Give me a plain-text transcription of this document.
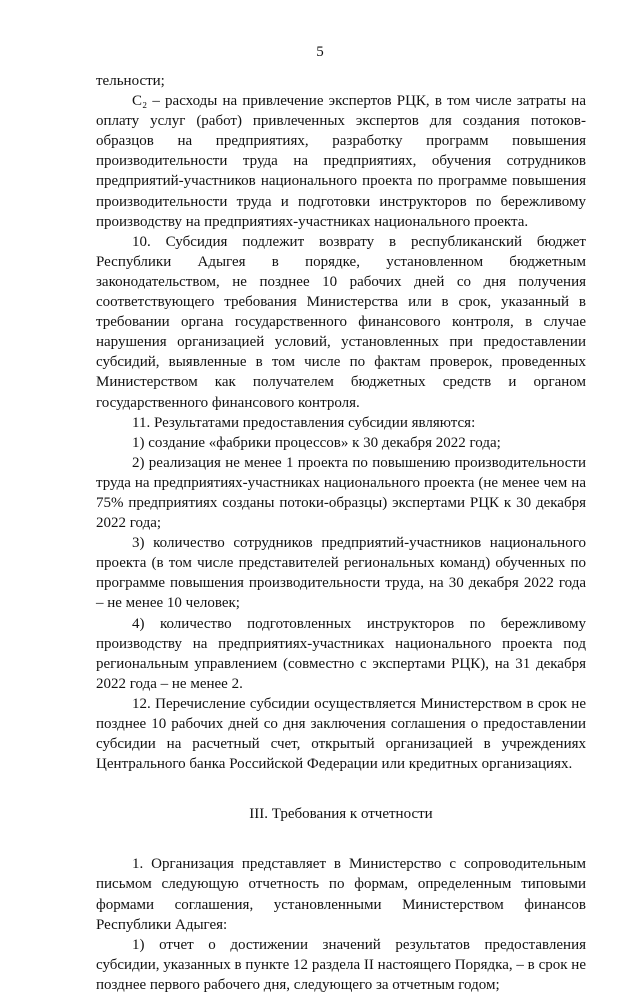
5

тельности;

С₂ – расходы на привлечение экспертов РЦК, в том числе затраты на оплату услуг (работ) привлеченных экспертов для создания потоков-образцов на предприятиях, разработку программ повышения производительности труда на предприятиях, обучения сотрудников предприятий-участников национального проекта по программе повышения производительности труда и подготовки инструкторов по бережливому производству на предприятиях-участниках национального проекта.

10. Субсидия подлежит возврату в республиканский бюджет Республики Адыгея в порядке, установленном бюджетным законодательством, не позднее 10 рабочих дней со дня получения соответствующего требования Министерства или в срок, указанный в требовании органа государственного финансового контроля, в случае нарушения организацией условий, установленных при предоставлении субсидий, выявленные в том числе по фактам проверок, проведенных Министерством как получателем бюджетных средств и органом государственного финансового контроля.

11. Результатами предоставления субсидии являются:

1) создание «фабрики процессов» к 30 декабря 2022 года;

2) реализация не менее 1 проекта по повышению производительности труда на предприятиях-участниках национального проекта (не менее чем на 75% предприятиях созданы потоки-образцы) экспертами РЦК к 30 декабря 2022 года;

3) количество сотрудников предприятий-участников национального проекта (в том числе представителей региональных команд) обученных по программе повышения производительности труда, на 30 декабря 2022 года – не менее 10 человек;

4) количество подготовленных инструкторов по бережливому производству на предприятиях-участниках национального проекта под региональным управлением (совместно с экспертами РЦК), на 31 декабря 2022 года – не менее 2.

12. Перечисление субсидии осуществляется Министерством в срок не позднее 10 рабочих дней со дня заключения соглашения о предоставлении субсидии на расчетный счет, открытый организацией в учреждениях Центрального банка Российской Федерации или кредитных организациях.

III. Требования к отчетности

1. Организация представляет в Министерство с сопроводительным письмом следующую отчетность по формам, определенным типовыми формами соглашения, установленными Министерством финансов Республики Адыгея:

1) отчет о достижении значений результатов предоставления субсидии, указанных в пункте 12 раздела II настоящего Порядка, – в срок не позднее первого рабочего дня, следующего за отчетным годом;
